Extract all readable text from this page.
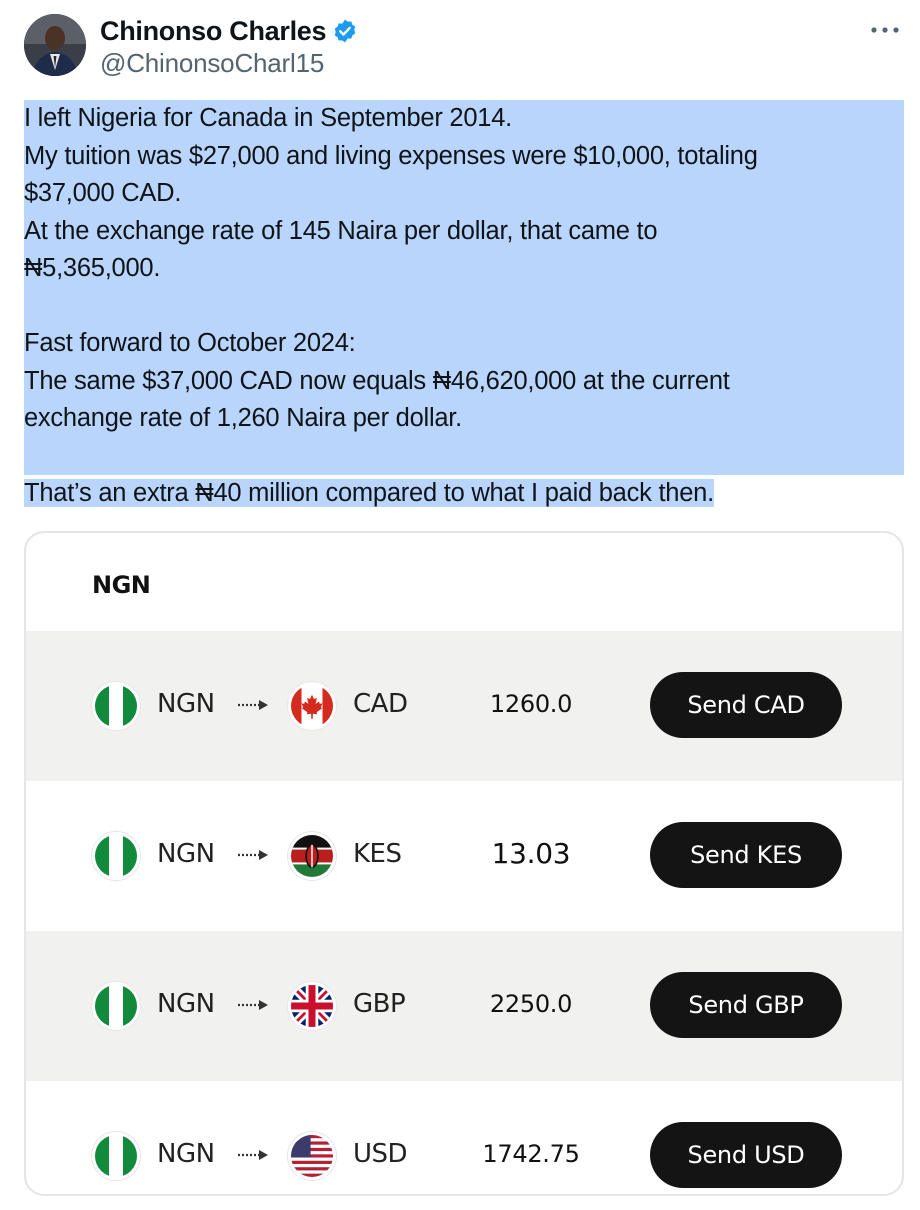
Chinonso Charles
@ChinonsoCharl15

I left Nigeria for Canada in September 2014.
My tuition was $27,000 and living expenses were $10,000, totaling
$37,000 CAD.
At the exchange rate of 145 Naira per dollar, that came to
₦5,365,000.
Fast forward to October 2024:
The same $37,000 CAD now equals ₦46,620,000 at the current
exchange rate of 1,260 Naira per dollar.
That’s an extra ₦40 million compared to what I paid back then.

NGN
NGN	CAD	1260.0	Send CAD
NGN	KES	13.03	Send KES
NGN	GBP	2250.0	Send GBP
NGN	USD	1742.75	Send USD
